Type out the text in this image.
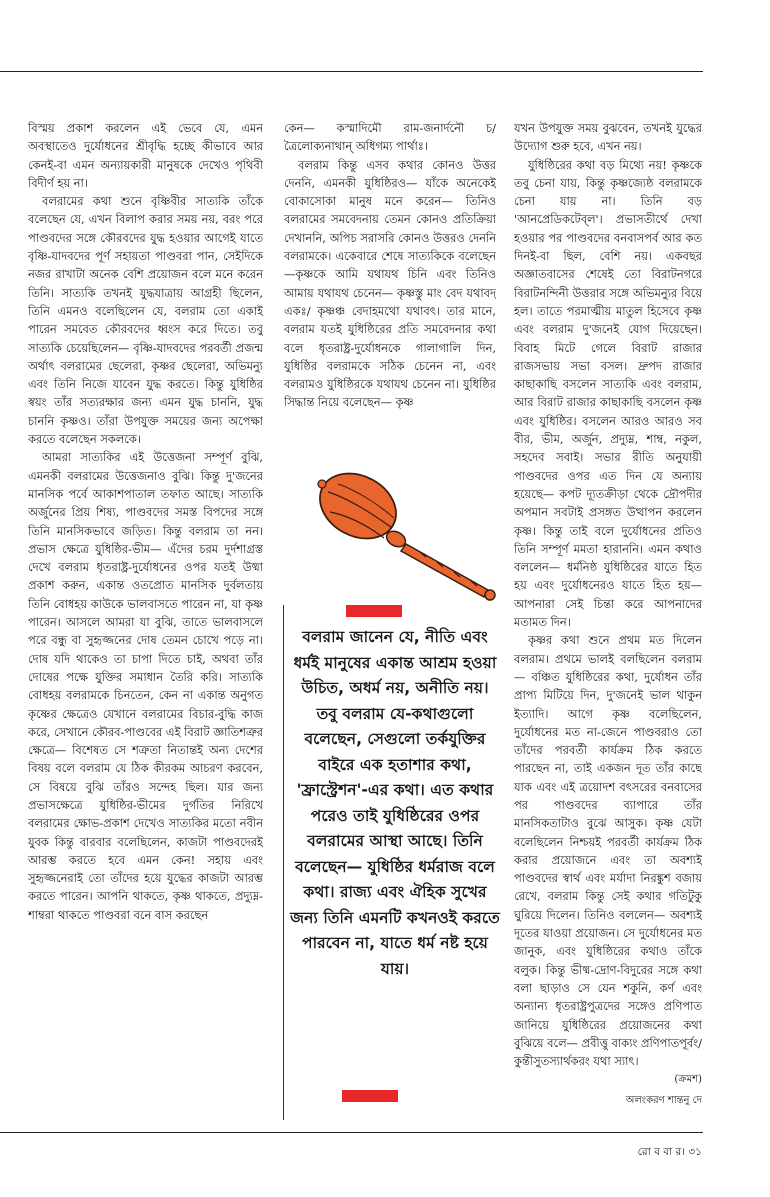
বিস্ময় প্রকাশ করলেন এই ভেবে যে, এমন অবস্থাতেও দুর্যোধনের শ্রীবৃদ্ধি হচ্ছে কীভাবে আর কেনই-বা এমন অন্যায়কারী মানুষকে দেখেও পৃথিবী বিদীর্ণ হয় না।

বলরামের কথা শুনে বৃষ্ণিবীর সাত্যকি তাঁকে বলেছেন যে, এখন বিলাপ করার সময় নয়, বরং পরে পাণ্ডবদের সঙ্গে কৌরবদের যুদ্ধ হওয়ার আগেই যাতে বৃষ্ণি-যাদবদের পূর্ণ সহায়তা পাণ্ডবরা পান, সেইদিকে নজর রাখাটা অনেক বেশি প্রয়োজন বলে মনে করেন তিনি। সাত্যকি তখনই যুদ্ধযাত্রায় আগ্রহী ছিলেন, তিনি এমনও বলেছিলেন যে, বলরাম তো একাই পারেন সমবেত কৌরবদের ধ্বংস করে দিতে। তবু সাত্যকি চেয়েছিলেন— বৃষ্ণি-যাদবদের পরবর্তী প্রজন্ম অর্থাৎ বলরামের ছেলেরা, কৃষ্ণর ছেলেরা, অভিমন্যু এবং তিনি নিজে যাবেন যুদ্ধ করতে। কিন্তু যুধিষ্ঠির স্বয়ং তাঁর সত্যরক্ষার জন্য এমন যুদ্ধ চাননি, যুদ্ধ চাননি কৃষ্ণও। তাঁরা উপযুক্ত সময়ের জন্য অপেক্ষা করতে বলেছেন সকলকে।

আমরা সাত্যকির এই উত্তেজনা সম্পূর্ণ বুঝি, এমনকী বলরামের উত্তেজনাও বুঝি। কিন্তু দু'জনের মানসিক পর্বে আকাশপাতাল তফাত আছে। সাত্যকি অর্জুনের প্রিয় শিষ্য, পাণ্ডবদের সমস্ত বিপদের সঙ্গে তিনি মানসিকভাবে জড়িত। কিন্তু বলরাম তা নন। প্রভাস ক্ষেত্রে যুধিষ্ঠির-ভীম— এঁদের চরম দুর্দশাগ্রস্ত দেখে বলরাম ধৃতরাষ্ট্র-দুর্যোধনের ওপর যতই উষ্মা প্রকাশ করুন, একান্ত ওতপ্রোত মানসিক দুর্বলতায় তিনি বোধহয় কাউকে ভালবাসতে পারেন না, যা কৃষ্ণ পারেন। আসলে আমরা যা বুঝি, তাতে ভালবাসলে পরে বন্ধু বা সুহৃজ্জনের দোষ তেমন চোখে পড়ে না। দোষ যদি থাকেও তা চাপা দিতে চাই, অথবা তাঁর দোষের পক্ষে যুক্তির সমাধান তৈরি করি। সাত্যকি বোধহয় বলরামকে চিনতেন, কেন না একান্ত অনুগত কৃষ্ণের ক্ষেত্রেও যেখানে বলরামের বিচার-বুদ্ধি কাজ করে, সেখানে কৌরব-পাণ্ডবের এই বিরাট জ্ঞাতিশত্রুর ক্ষেত্রে— বিশেষত সে শত্রুতা নিতান্তই অন্য দেশের বিষয় বলে বলরাম যে ঠিক কীরকম আচরণ করবেন, সে বিষয়ে বুঝি তাঁরও সন্দেহ ছিল। যার জন্য প্রভাসক্ষেত্রে যুধিষ্ঠির-ভীমের দুর্গতির নিরিখে বলরামের ক্ষোভ-প্রকাশ দেখেও সাত্যকির মতো নবীন যুবক কিন্তু বারবার বলেছিলেন, কাজটা পাণ্ডবদেরই আরম্ভ করতে হবে এমন কেন! সহায় এবং সুহৃজ্জনেরাই তো তাঁদের হয়ে যুদ্ধের কাজটা আরম্ভ করতে পারেন। আপনি থাকতে, কৃষ্ণ থাকতে, প্রদ্যুম্ন-শাম্বরা থাকতে পাণ্ডবরা বনে বাস করছেন

কেন— কস্মাদিমৌ রাম-জনার্দনৌ চ/ত্রৈলোক্যনাথান্ অধিগম্য পার্থাঃ।

বলরাম কিন্তু এসব কথার কোনও উত্তর দেননি, এমনকী যুধিষ্ঠিরও— যাঁকে অনেকেই বোকাসোকা মানুষ মনে করেন— তিনিও বলরামের সমবেদনায় তেমন কোনও প্রতিক্রিয়া দেখাননি, অপিচ সরাসরি কোনও উত্তরও দেননি বলরামকে। একেবারে শেষে সাত্যকিকে বলেছেন—কৃষ্ণকে আমি যথাযথ চিনি এবং তিনিও আমায় যথাযথ চেনেন— কৃষ্ণস্তু মাং বেদ যথাবদ্ একঃ/ কৃষ্ণঞ্চ বেদাহমথো যথাবৎ। তার মানে, বলরাম যতই যুধিষ্ঠিরের প্রতি সমবেদনার কথা বলে ধৃতরাষ্ট্র-দুর্যোধনকে গালাগালি দিন, যুধিষ্ঠির বলরামকে সঠিক চেনেন না, এবং বলরামও যুধিষ্ঠিরকে যথাযথ চেনেন না। যুধিষ্ঠির সিদ্ধান্ত নিয়ে বলেছেন— কৃষ্ণ

বলরাম জানেন যে, নীতি এবং ধর্মই মানুষের একান্ত আশ্রম হওয়া উচিত, অধর্ম নয়, অনীতি নয়। তবু বলরাম যে-কথাগুলো বলেছেন, সেগুলো তর্কযুক্তির বাইরে এক হতাশার কথা, 'ফ্রাস্ট্রেশন'-এর কথা। এত কথার পরেও তাই যুধিষ্ঠিরের ওপর বলরামের আস্থা আছে। তিনি বলেছেন— যুধিষ্ঠির ধর্মরাজ বলে কথা। রাজ্য এবং ঐহিক সুখের জন্য তিনি এমনটি কখনওই করতে পারবেন না, যাতে ধর্ম নষ্ট হয়ে যায়।

যখন উপযুক্ত সময় বুঝবেন, তখনই যুদ্ধের উদ্যোগ শুরু হবে, এখন নয়।

যুধিষ্ঠিরের কথা বড় মিথ্যে নয়! কৃষ্ণকে তবু চেনা যায়, কিন্তু কৃষ্ণজ্যেষ্ঠ বলরামকে চেনা যায় না। তিনি বড় 'আনপ্রেডিকটেব্‌ল'। প্রভাসতীর্থে দেখা হওয়ার পর পাণ্ডবদের বনবাসপর্ব আর কত দিনই-বা ছিল, বেশি নয়। একবছর অজ্ঞাতবাসের শেষেই তো বিরাটনগরে বিরাটনন্দিনী উত্তরার সঙ্গে অভিমন্যুর বিয়ে হল। তাতে পরমাত্মীয় মাতুল হিসেবে কৃষ্ণ এবং বলরাম দু'জনেই যোগ দিয়েছেন। বিবাহ মিটে গেলে বিরাট রাজার রাজসভায় সভা বসল। দ্রুপদ রাজার কাছাকাছি বসলেন সাত্যকি এবং বলরাম, আর বিরাট রাজার কাছাকাছি বসলেন কৃষ্ণ এবং যুধিষ্ঠির। বসলেন আরও আরও সব বীর, ভীম, অর্জুন, প্রদ্যুম্ন, শাম্ব, নকুল, সহদেব সবাই। সভার রীতি অনুযায়ী পাণ্ডবদের ওপর এত দিন যে অন্যায় হয়েছে— কপট দ্যূতক্রীড়া থেকে দ্রৌপদীর অপমান সবটাই প্রসঙ্গত উত্থাপন করলেন কৃষ্ণ। কিন্তু তাই বলে দুর্যোধনের প্রতিও তিনি সম্পূর্ণ মমতা হারাননি। এমন কথাও বললেন— ধর্মনিষ্ঠ যুধিষ্ঠিরের যাতে হিত হয় এবং দুর্যোধনেরও যাতে হিত হয়— আপনারা সেই চিন্তা করে আপনাদের মতামত দিন।

কৃষ্ণর কথা শুনে প্রথম মত দিলেন বলরাম। প্রথমে ভালই বলছিলেন বলরাম— বঞ্চিত যুধিষ্ঠিরের কথা, দুর্যোধন তাঁর প্রাপ্য মিটিয়ে দিন, দু'জনেই ভাল থাকুন ইত্যাদি। আগে কৃষ্ণ বলেছিলেন, দুর্যোধনের মত না-জেনে পাণ্ডবরাও তো তাঁদের পরবর্তী কার্যক্রম ঠিক করতে পারছেন না, তাই একজন দূত তাঁর কাছে যাক এবং এই ত্রয়োদশ বৎসরের বনবাসের পর পাণ্ডবদের ব্যাপারে তাঁর মানসিকতাটাও বুঝে আসুক। কৃষ্ণ যেটা বলেছিলেন নিশ্চয়ই পরবর্তী কার্যক্রম ঠিক করার প্রয়োজনে এবং তা অবশ্যই পাণ্ডবদের স্বার্থ এবং মর্যাদা নিরঙ্কুশ বজায় রেখে, বলরাম কিন্তু সেই কথার গতিটুকু ঘুরিয়ে দিলেন। তিনিও বললেন— অবশ্যই দূতের যাওয়া প্রয়োজন। সে দুর্যোধনের মত জানুক, এবং যুধিষ্ঠিরের কথাও তাঁকে বলুক। কিন্তু ভীষ্ম-দ্রোণ-বিদুরের সঙ্গে কথা বলা ছাড়াও সে যেন শকুনি, কর্ণ এবং অন্যান্য ধৃতরাষ্ট্রপুত্রদের সঙ্গেও প্রণিপাত জানিয়ে যুধিষ্ঠিরের প্রয়োজনের কথা বুঝিয়ে বলে— প্রবীত্তু বাক্যং প্রণিপাতপূর্বং/ কুন্তীসুতস্যার্থকরং যথা স্যাৎ।

(ক্রমশ)
অলংকরণ শান্তনু দে
রো ব বা র। ৩১
